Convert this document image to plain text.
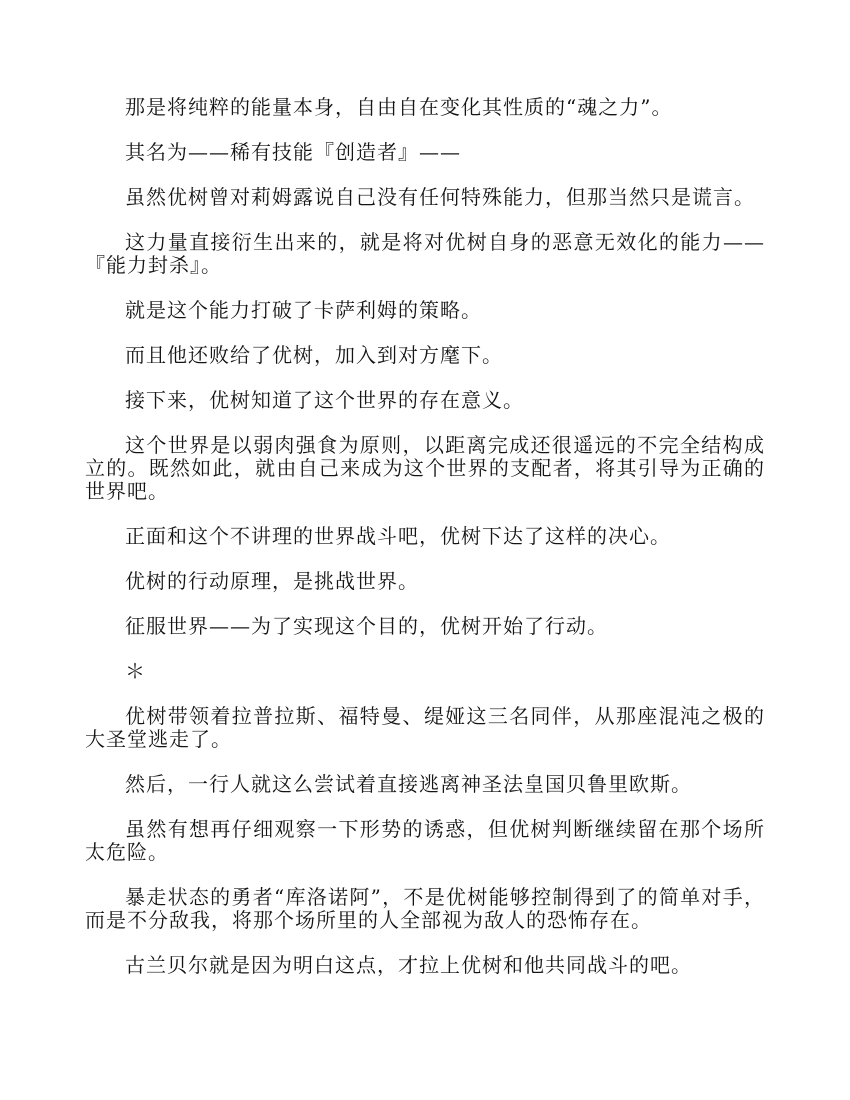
那是将纯粹的能量本身，自由自在变化其性质的“魂之力”。

其名为——稀有技能『创造者』——

虽然优树曾对莉姆露说自己没有任何特殊能力，但那当然只是谎言。

这力量直接衍生出来的，就是将对优树自身的恶意无效化的能力——『能力封杀』。

就是这个能力打破了卡萨利姆的策略。

而且他还败给了优树，加入到对方麾下。

接下来，优树知道了这个世界的存在意义。

这个世界是以弱肉强食为原则，以距离完成还很遥远的不完全结构成立的。既然如此，就由自己来成为这个世界的支配者，将其引导为正确的世界吧。

正面和这个不讲理的世界战斗吧，优树下达了这样的决心。

优树的行动原理，是挑战世界。

征服世界——为了实现这个目的，优树开始了行动。

＊

优树带领着拉普拉斯、福特曼、缇娅这三名同伴，从那座混沌之极的大圣堂逃走了。

然后，一行人就这么尝试着直接逃离神圣法皇国贝鲁里欧斯。

虽然有想再仔细观察一下形势的诱惑，但优树判断继续留在那个场所太危险。

暴走状态的勇者“库洛诺阿”，不是优树能够控制得到了的简单对手，而是不分敌我，将那个场所里的人全部视为敌人的恐怖存在。

古兰贝尔就是因为明白这点，才拉上优树和他共同战斗的吧。
